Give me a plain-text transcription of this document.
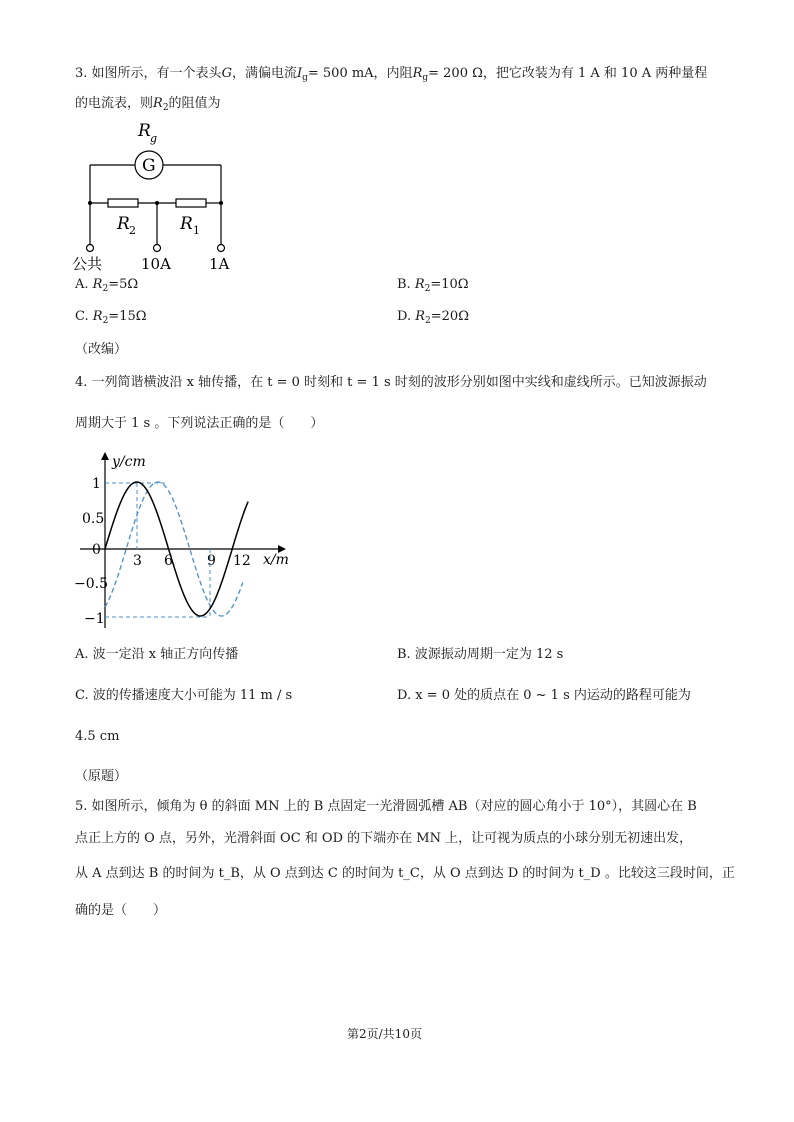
3. 如图所示，有一个表头G，满偏电流$I_g= 500$ mA，内阻$R_g= 200$ Ω，把它改装为有 1 A 和 10 A 两种量程
的电流表，则$R_2$的阻值为
R g
G
R 2	R 1
公共	10A	1A
A. $R_2=5\Omega$	B. $R_2=10\Omega$
C. $R_2=15\Omega$	D. $R_2=20\Omega$
（改编）
4. 一列简谐横波沿 x 轴传播，在 t = 0 时刻和 t = 1 s 时刻的波形分别如图中实线和虚线所示。已知波源振动
周期大于 1 s 。下列说法正确的是（　　）
y/cm
x/m
1
0.5
0
−0.5
−1
3 6 9 12
A. 波一定沿 x 轴正方向传播	B. 波源振动周期一定为 12 s
C. 波的传播速度大小可能为 11 m / s	D. x = 0 处的质点在 0 ~ 1 s 内运动的路程可能为
4.5 cm
（原题）
5. 如图所示，倾角为 θ 的斜面 MN 上的 B 点固定一光滑圆弧槽 AB（对应的圆心角小于 10°），其圆心在 B
点正上方的 O 点，另外，光滑斜面 OC 和 OD 的下端亦在 MN 上，让可视为质点的小球分别无初速出发，
从 A 点到达 B 的时间为 t_B，从 O 点到达 C 的时间为 t_C，从 O 点到达 D 的时间为 t_D 。比较这三段时间，正
确的是（　　）
第2页/共10页
